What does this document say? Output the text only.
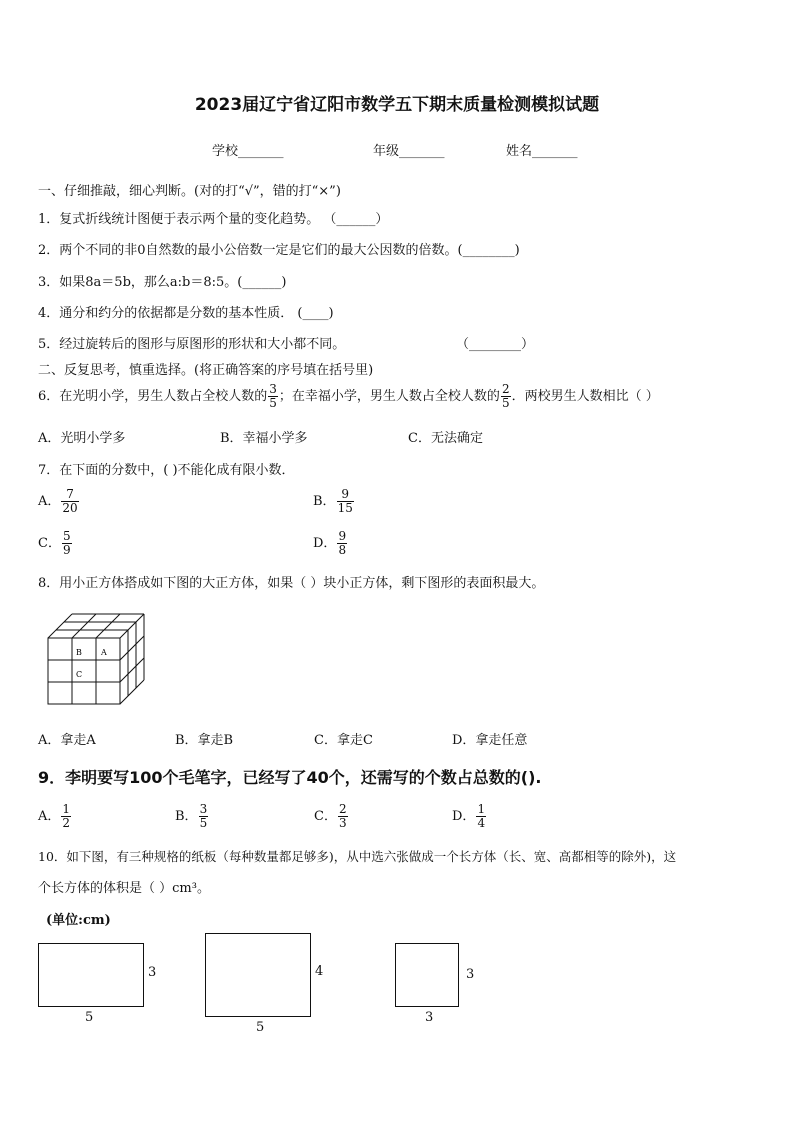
2023届辽宁省辽阳市数学五下期末质量检测模拟试题
学校_______	年级_______	姓名_______
一、仔细推敲，细心判断。(对的打“√”，错的打“×”)
1．复式折线统计图便于表示两个量的变化趋势。 （______）
2．两个不同的非0自然数的最小公倍数一定是它们的最大公因数的倍数。(________)
3．如果8a＝5b，那么a:b＝8:5。(______)
4．通分和约分的依据都是分数的基本性质． (____)
5．经过旋转后的图形与原图形的形状和大小都不同。	（________）
二、反复思考，慎重选择。(将正确答案的序号填在括号里)
6．在光明小学，男生人数占全校人数的 $\frac{3}{5}$ ；在幸福小学，男生人数占全校人数的 $\frac{2}{5}$ ．两校男生人数相比（ ）
A．光明小学多	B．幸福小学多	C．无法确定
7．在下面的分数中，( )不能化成有限小数．
A． $\frac{7}{20}$	B． $\frac{9}{15}$
C． $\frac{5}{9}$	D． $\frac{9}{8}$
8．用小正方体搭成如下图的大正方体，如果（ ）块小正方体，剩下图形的表面积最大。
B A
C
A．拿走A	B．拿走B	C．拿走C	D．拿走任意
9．李明要写100个毛笔字，已经写了40个，还需写的个数占总数的().
A． $\frac{1}{2}$	B． $\frac{3}{5}$	C． $\frac{2}{3}$	D． $\frac{1}{4}$
10．如下图，有三种规格的纸板（每种数量都足够多)，从中选六张做成一个长方体（长、宽、高都相等的除外)，这
个长方体的体积是（ ）cm³。
(单位:cm)
3
5
4
5
3
3
